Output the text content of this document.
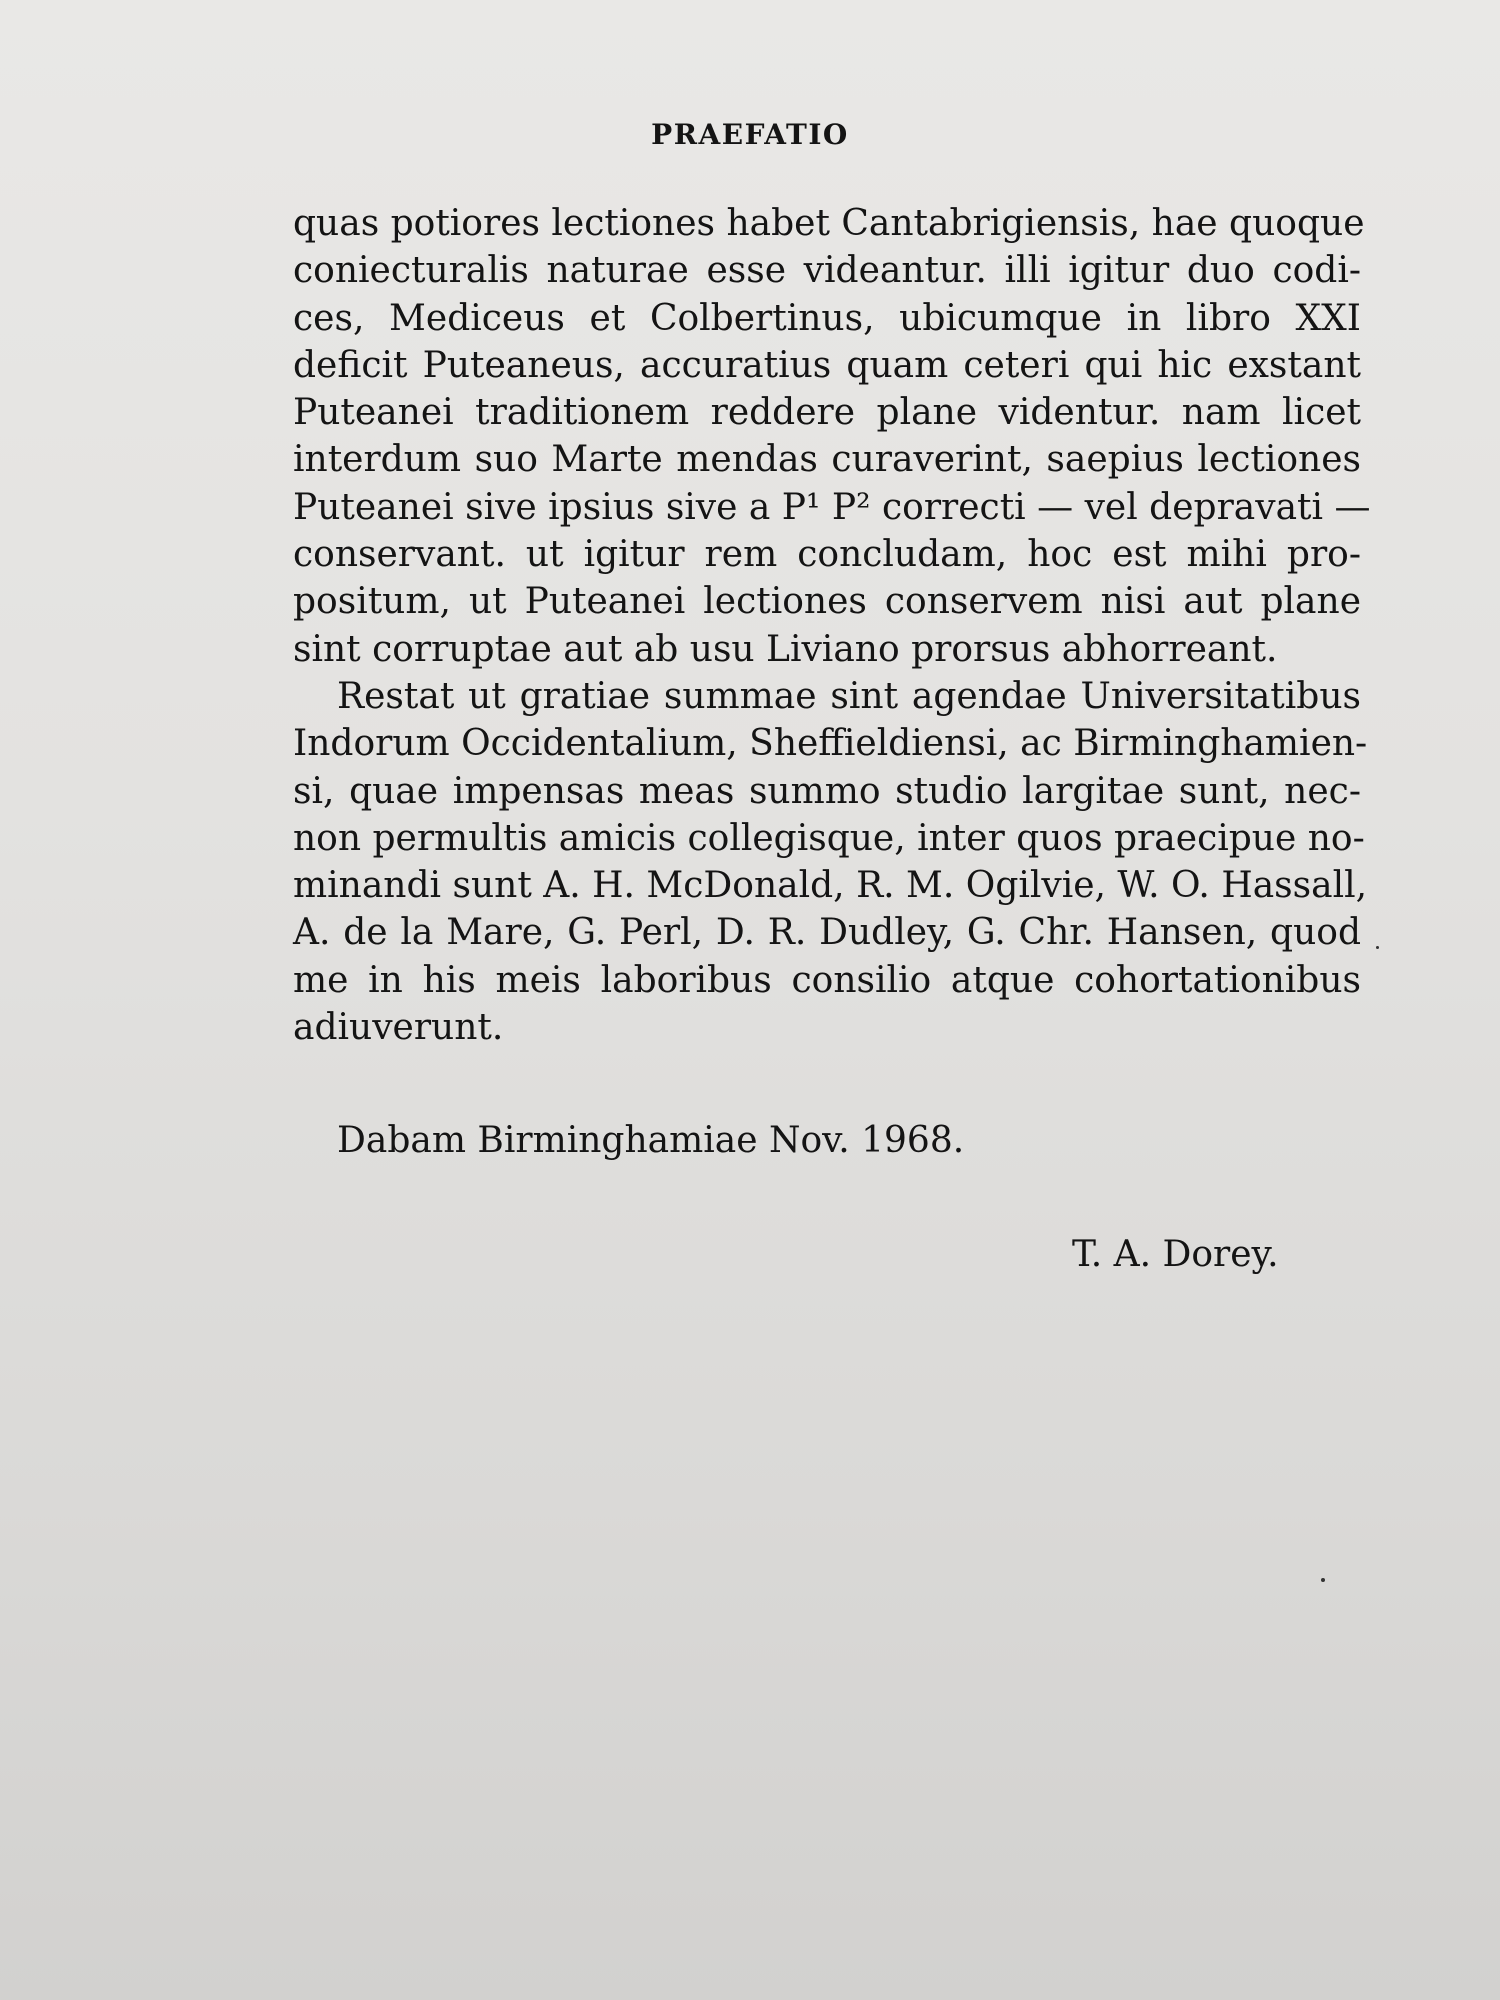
PRAEFATIO
quas potiores lectiones habet Cantabrigiensis, hae quoque
coniecturalis naturae esse videantur. illi igitur duo codi-
ces, Mediceus et Colbertinus, ubicumque in libro XXI
deficit Puteaneus, accuratius quam ceteri qui hic exstant
Puteanei traditionem reddere plane videntur. nam licet
interdum suo Marte mendas curaverint, saepius lectiones
Puteanei sive ipsius sive a P¹ P² correcti — vel depravati —
conservant. ut igitur rem concludam, hoc est mihi pro-
positum, ut Puteanei lectiones conservem nisi aut plane
sint corruptae aut ab usu Liviano prorsus abhorreant.
Restat ut gratiae summae sint agendae Universitatibus
Indorum Occidentalium, Sheffieldiensi, ac Birminghamien-
si, quae impensas meas summo studio largitae sunt, nec-
non permultis amicis collegisque, inter quos praecipue no-
minandi sunt A. H. McDonald, R. M. Ogilvie, W. O. Hassall,
A. de la Mare, G. Perl, D. R. Dudley, G. Chr. Hansen, quod
me in his meis laboribus consilio atque cohortationibus
adiuverunt.
Dabam Birminghamiae Nov. 1968.
T. A. Dorey.
